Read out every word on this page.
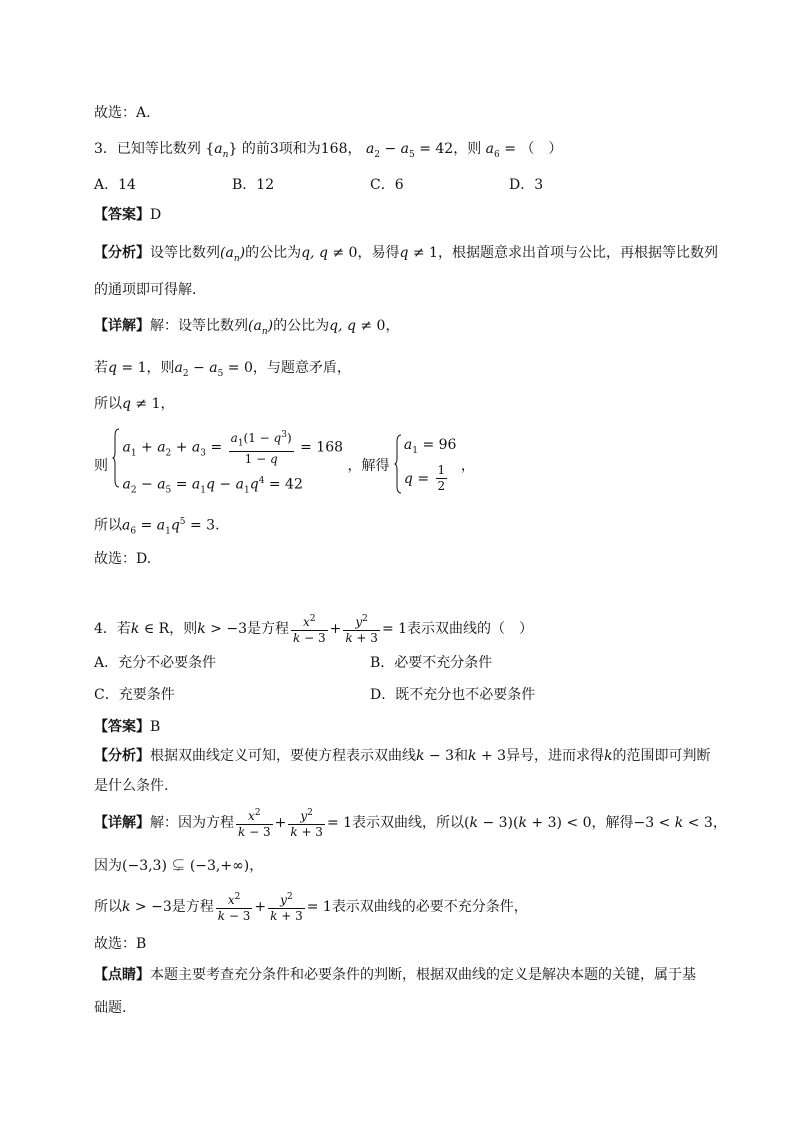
故选：A.
3．已知等比数列 $\{a_n\}$ 的前3项和为168， $a_2 - a_5 = 42$，则 $a_6$ = （　）
A．14	B．12	C．6	D．3
【答案】D
【分析】设等比数列$(a_n)$的公比为q, q ≠ 0，易得q ≠ 1，根据题意求出首项与公比，再根据等比数列
的通项即可得解.
【详解】解：设等比数列$(a_n)$的公比为q, q ≠ 0，
若q = 1，则$a_2 - a_5 = 0$，与题意矛盾，
所以q ≠ 1，
则
$a_1 + a_2 + a_3 = \frac{a_1(1 - q^3)}{1 - q} = 168$
$a_2 - a_5 = a_1q - a_1q^4 = 42$
，解得
$a_1 = 96$
$q = \frac{1}{2}$ ，
所以$a_6 = a_1q^5 = 3$.
故选：D.
4．若k ∈ R，则k > −3是方程 $\frac{x^2}{k - 3} + \frac{y^2}{k + 3} = 1$表示双曲线的（　）
A．充分不必要条件	B．必要不充分条件
C．充要条件	D．既不充分也不必要条件
【答案】B
【分析】根据双曲线定义可知，要使方程表示双曲线k − 3和k + 3异号，进而求得k的范围即可判断
是什么条件.
【详解】解：因为方程 $\frac{x^2}{k - 3} + \frac{y^2}{k + 3} = 1$表示双曲线，所以(k − 3)(k + 3) < 0，解得−3 < k < 3，
因为(−3,3) ⊊ (−3,+∞)，
所以k > −3是方程 $\frac{x^2}{k - 3} + \frac{y^2}{k + 3} = 1$表示双曲线的必要不充分条件，
故选：B
【点睛】本题主要考查充分条件和必要条件的判断，根据双曲线的定义是解决本题的关键，属于基
础题.
